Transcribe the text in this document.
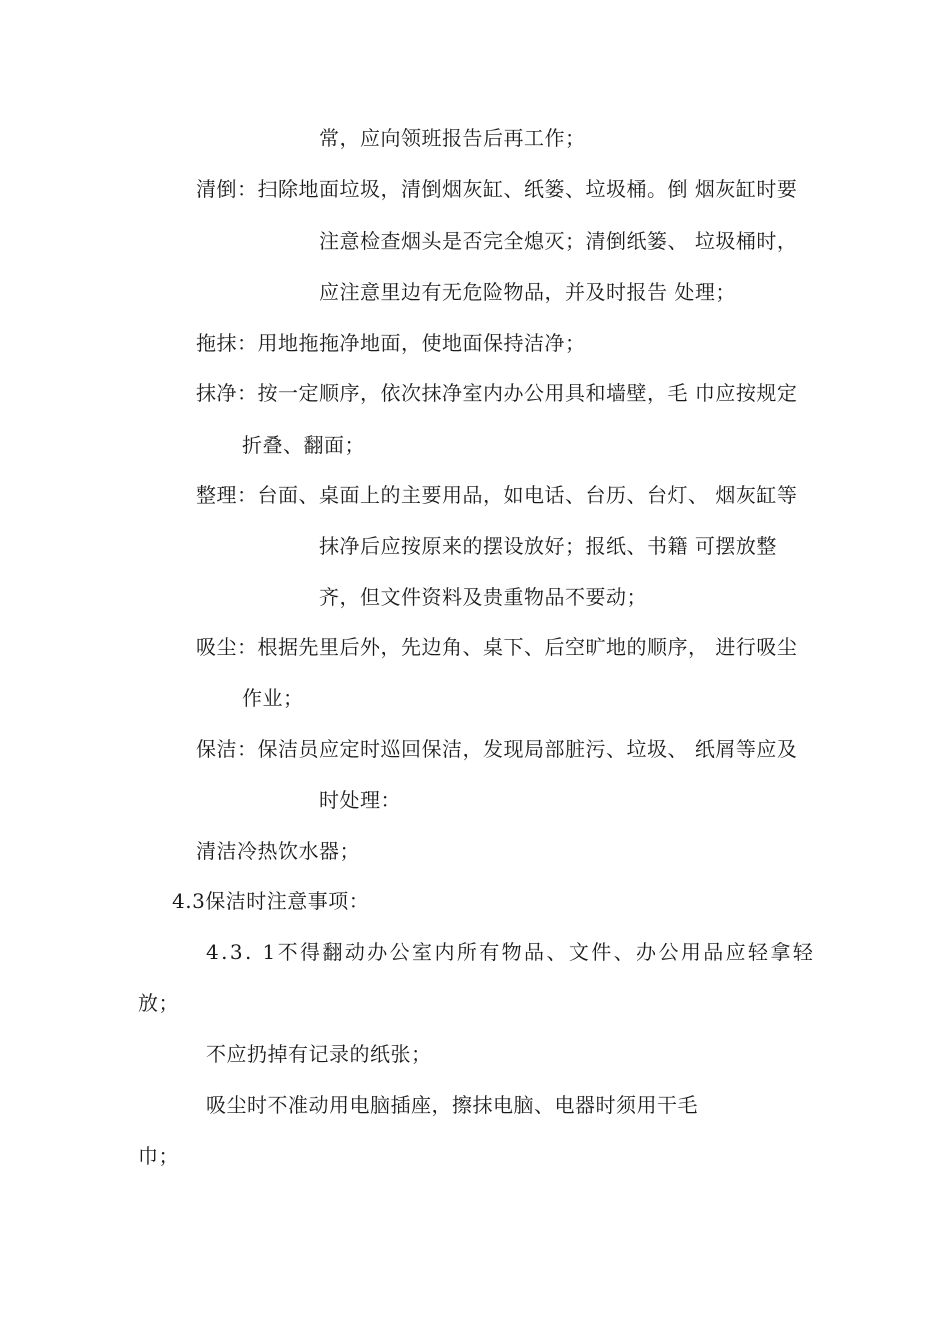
常，应向领班报告后再工作；
清倒：扫除地面垃圾，清倒烟灰缸、纸篓、垃圾桶。倒 烟灰缸时要
注意检查烟头是否完全熄灭；清倒纸篓、 垃圾桶时，
应注意里边有无危险物品，并及时报告 处理；
拖抹：用地拖拖净地面，使地面保持洁净；
抹净：按一定顺序，依次抹净室内办公用具和墙壁，毛 巾应按规定
折叠、翻面；
整理：台面、桌面上的主要用品，如电话、台历、台灯、 烟灰缸等
抹净后应按原来的摆设放好；报纸、书籍 可摆放整
齐，但文件资料及贵重物品不要动；
吸尘：根据先里后外，先边角、桌下、后空旷地的顺序， 进行吸尘
作业；
保洁：保洁员应定时巡回保洁，发现局部脏污、垃圾、 纸屑等应及
时处理：
清洁冷热饮水器；
4.3保洁时注意事项：
4.3. 1不得翻动办公室内所有物品、文件、办公用品应轻拿轻
放；
不应扔掉有记录的纸张；
吸尘时不准动用电脑插座，擦抹电脑、电器时须用干毛
巾；
